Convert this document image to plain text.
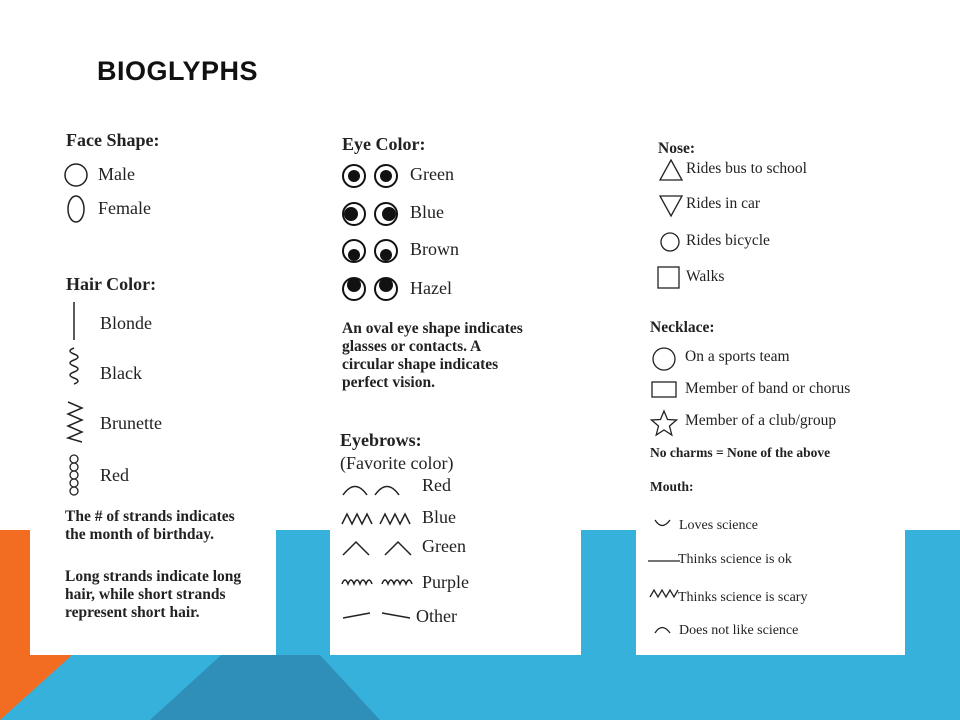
BIOGLYPHS
Face Shape:
Male
Female
Hair Color:
Blonde
Black
Brunette
Red
The # of strands indicates
the month of birthday.
Long strands indicate long
hair, while short strands
represent short hair.
Eye Color:
Green
Blue
Brown
Hazel
An oval eye shape indicates
glasses or contacts. A
circular shape indicates
perfect vision.
Eyebrows:
(Favorite color)
Red
Blue
Green
Purple
Other
Nose:
Rides bus to school
Rides in car
Rides bicycle
Walks
Necklace:
On a sports team
Member of band or chorus
Member of a club/group
No charms = None of the above
Mouth:
Loves science
Thinks science is ok
Thinks science is scary
Does not like science
